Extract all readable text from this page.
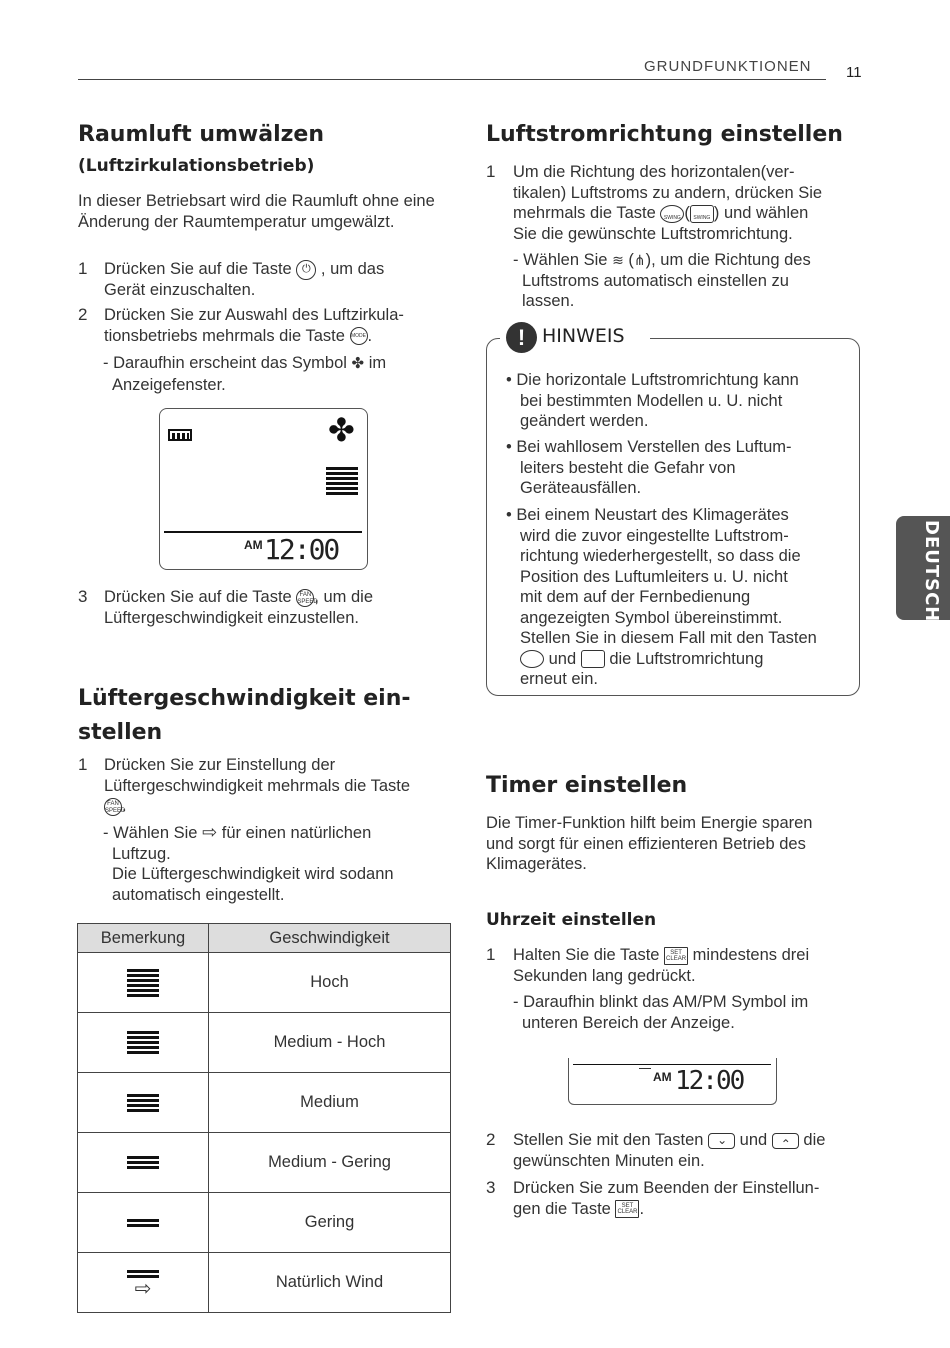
GRUNDFUNKTIONEN 11
DEUTSCH
Raumluft umwälzen
(Luftzirkulationsbetrieb)
In dieser Betriebsart wird die Raumluft ohne eine Änderung der Raumtemperatur umgewälzt.
1 Drücken Sie auf die Taste ⏻ , um das
Gerät einzuschalten.
2 Drücken Sie zur Auswahl des Luftzirkula-
tionsbetriebs mehrmals die Taste MODE.
- Daraufhin erscheint das Symbol ✤ im
Anzeigefenster.
✤
AM 12:00
3 Drücken Sie auf die Taste FAN SPEED, um die
Lüftergeschwindigkeit einzustellen.
Lüftergeschwindigkeit ein-
stellen
1 Drücken Sie zur Einstellung der
Lüftergeschwindigkeit mehrmals die Taste
FAN SPEED.
- Wählen Sie ⇨ für einen natürlichen
Luftzug.
Die Lüftergeschwindigkeit wird sodann
automatisch eingestellt.
Bemerkung	Geschwindigkeit

	Hoch

	Medium - Hoch

	Medium

	Medium - Gering

	Gering

⇨	Natürlich Wind
Luftstromrichtung einstellen
1 Um die Richtung des horizontalen(ver-
tikalen) Luftstroms zu andern, drücken Sie
mehrmals die Taste SWING ( SWING ) und wählen
Sie die gewünschte Luftstromrichtung.
- Wählen Sie ≋ (⋔), um die Richtung des
Luftstroms automatisch einstellen zu
lassen.
! HINWEIS
• Die horizontale Luftstromrichtung kann
bei bestimmten Modellen u. U. nicht
geändert werden.
• Bei wahllosem Verstellen des Luftum-
leiters besteht die Gefahr von
Geräteausfällen.
• Bei einem Neustart des Klimagerätes
wird die zuvor eingestellte Luftstrom-
richtung wiederhergestellt, so dass die
Position des Luftumleiters u. U. nicht
mit dem auf der Fernbedienung
angezeigten Symbol übereinstimmt.
Stellen Sie in diesem Fall mit den Tasten
und die Luftstromrichtung
erneut ein.
Timer einstellen
Die Timer-Funktion hilft beim Energie sparen
und sorgt für einen effizienteren Betrieb des
Klimagerätes.
Uhrzeit einstellen
1 Halten Sie die Taste SET CLEAR mindestens drei
Sekunden lang gedrückt.
- Daraufhin blinkt das AM/PM Symbol im
unteren Bereich der Anzeige.
AM 12:00
2 Stellen Sie mit den Tasten ⌄ und ⌃ die
gewünschten Minuten ein.
3 Drücken Sie zum Beenden der Einstellun-
gen die Taste SET CLEAR .
